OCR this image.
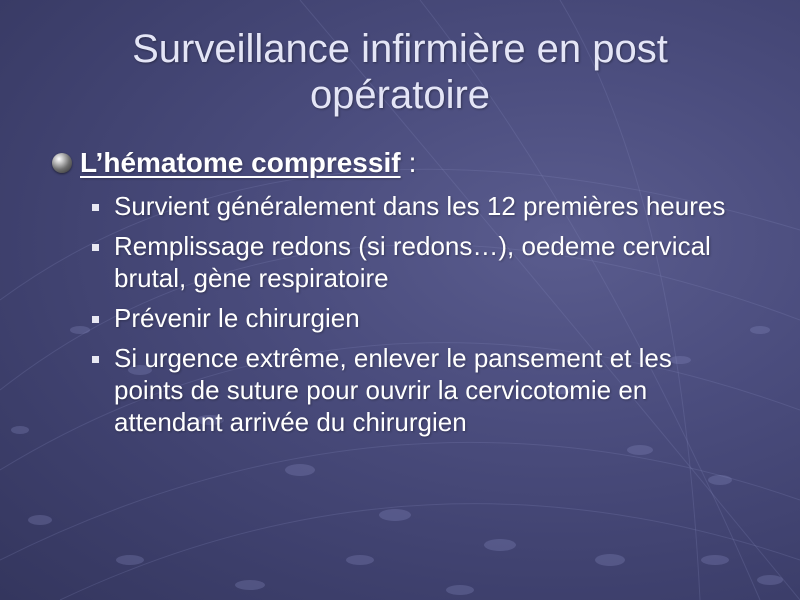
Surveillance infirmière en post opératoire
L’hématome compressif :
Survient généralement dans les 12 premières heures
Remplissage redons (si redons…), oedeme cervical brutal, gène respiratoire
Prévenir le chirurgien
Si urgence extrême, enlever le pansement et les points de suture pour ouvrir la cervicotomie en attendant arrivée du chirurgien
